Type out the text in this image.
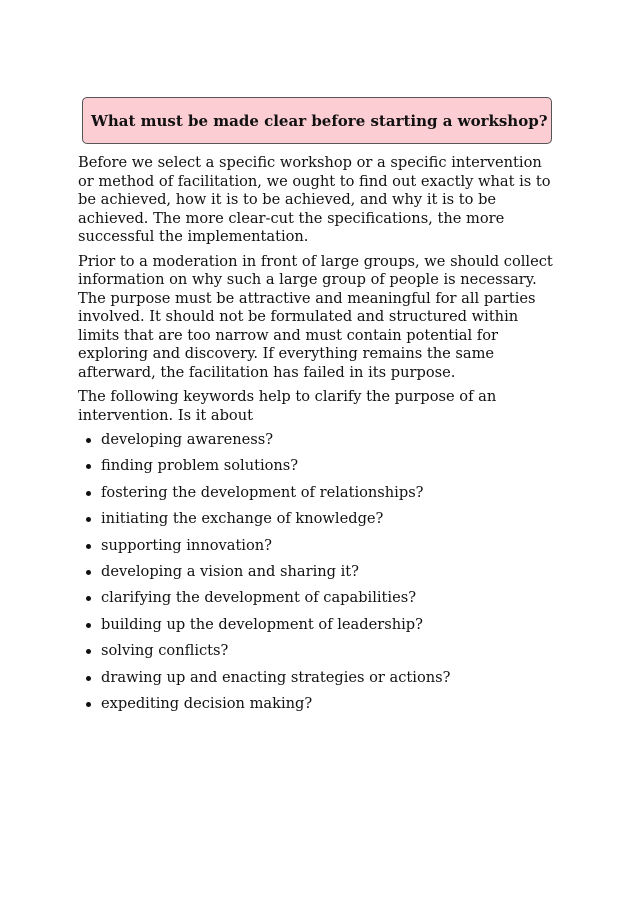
What must be made clear before starting a workshop?

Before we select a specific workshop or a specific intervention or method of facilitation, we ought to find out exactly what is to be achieved, how it is to be achieved, and why it is to be achieved. The more clear-cut the specifications, the more successful the implementation.

Prior to a moderation in front of large groups, we should collect information on why such a large group of people is necessary. The purpose must be attractive and meaningful for all parties involved. It should not be formulated and structured within limits that are too narrow and must contain potential for exploring and discovery. If everything remains the same afterward, the facilitation has failed in its purpose.

The following keywords help to clarify the purpose of an intervention. Is it about

developing awareness?
finding problem solutions?
fostering the development of relationships?
initiating the exchange of knowledge?
supporting innovation?
developing a vision and sharing it?
clarifying the development of capabilities?
building up the development of leadership?
solving conflicts?
drawing up and enacting strategies or actions?
expediting decision making?
